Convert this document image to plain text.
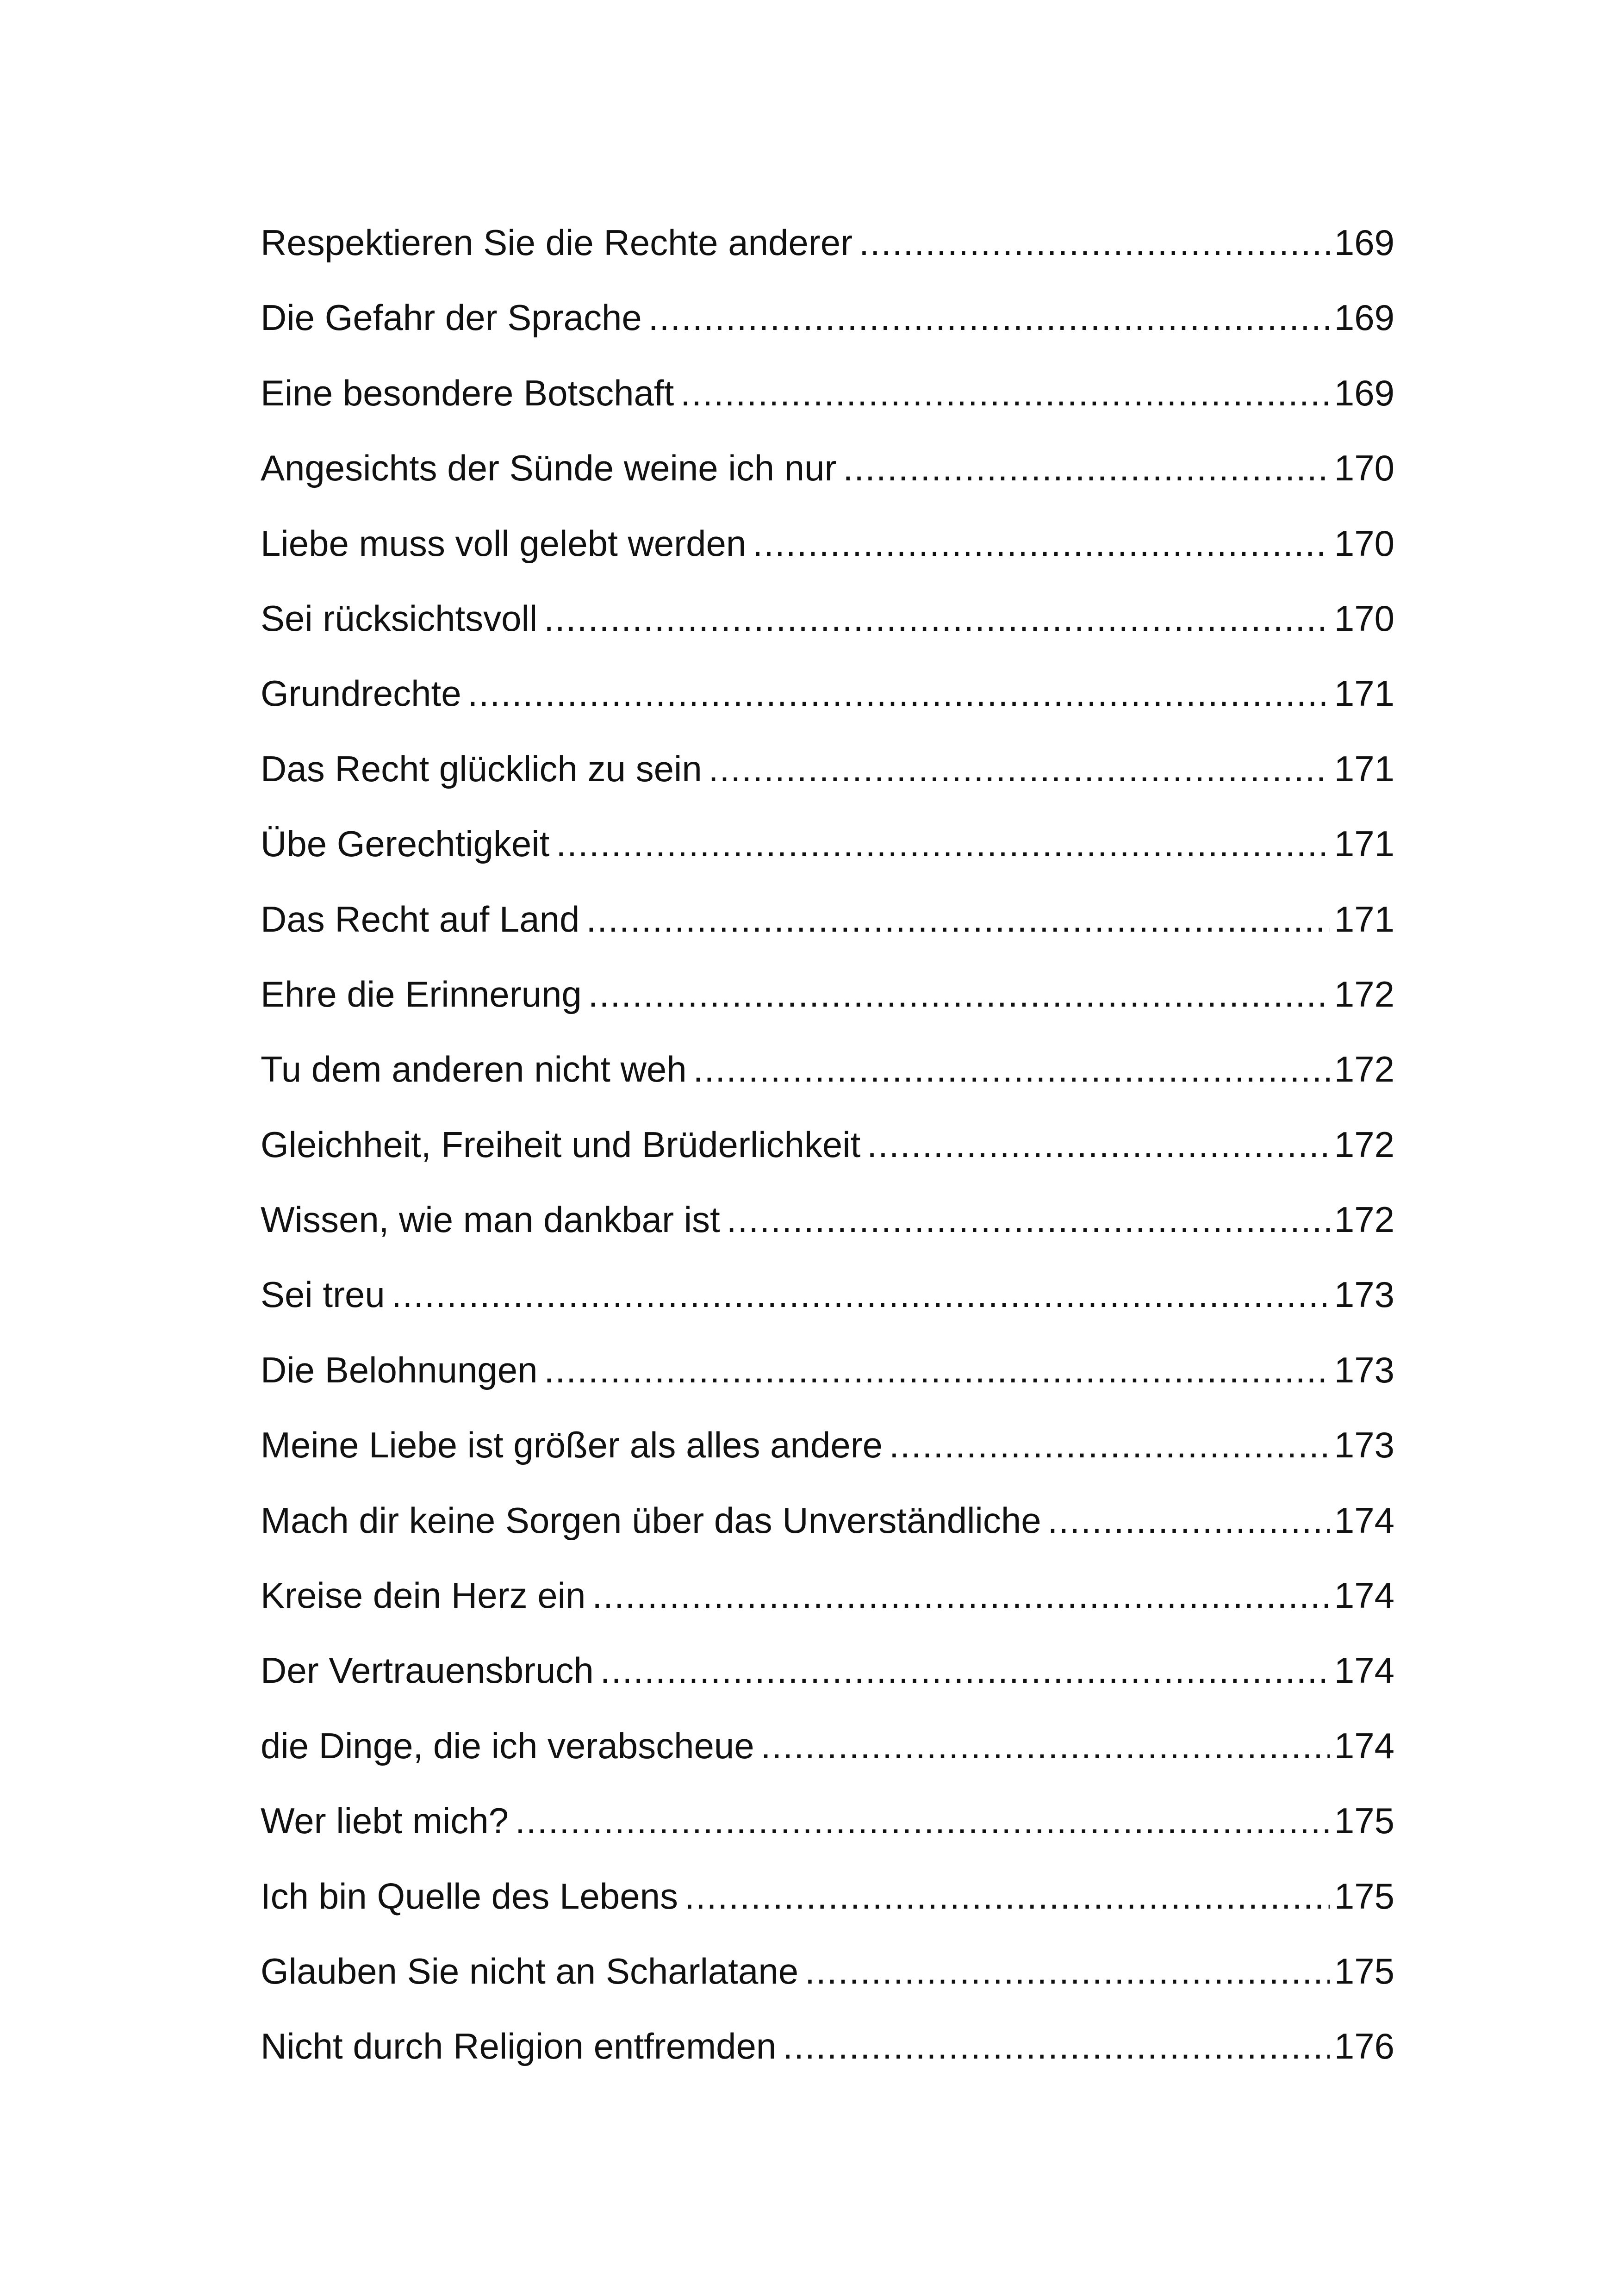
Respektieren Sie die Rechte anderer .....	169
Die Gefahr der Sprache .....	169
Eine besondere Botschaft .....	169
Angesichts der Sünde weine ich nur .....	170
Liebe muss voll gelebt werden .....	170
Sei rücksichtsvoll .....	170
Grundrechte .....	171
Das Recht glücklich zu sein .....	171
Übe Gerechtigkeit .....	171
Das Recht auf Land .....	171
Ehre die Erinnerung .....	172
Tu dem anderen nicht weh .....	172
Gleichheit, Freiheit und Brüderlichkeit .....	172
Wissen, wie man dankbar ist .....	172
Sei treu .....	173
Die Belohnungen .....	173
Meine Liebe ist größer als alles andere .....	173
Mach dir keine Sorgen über das Unverständliche .....	174
Kreise dein Herz ein .....	174
Der Vertrauensbruch .....	174
die Dinge, die ich verabscheue .....	174
Wer liebt mich? .....	175
Ich bin Quelle des Lebens .....	175
Glauben Sie nicht an Scharlatane .....	175
Nicht durch Religion entfremden .....	176
